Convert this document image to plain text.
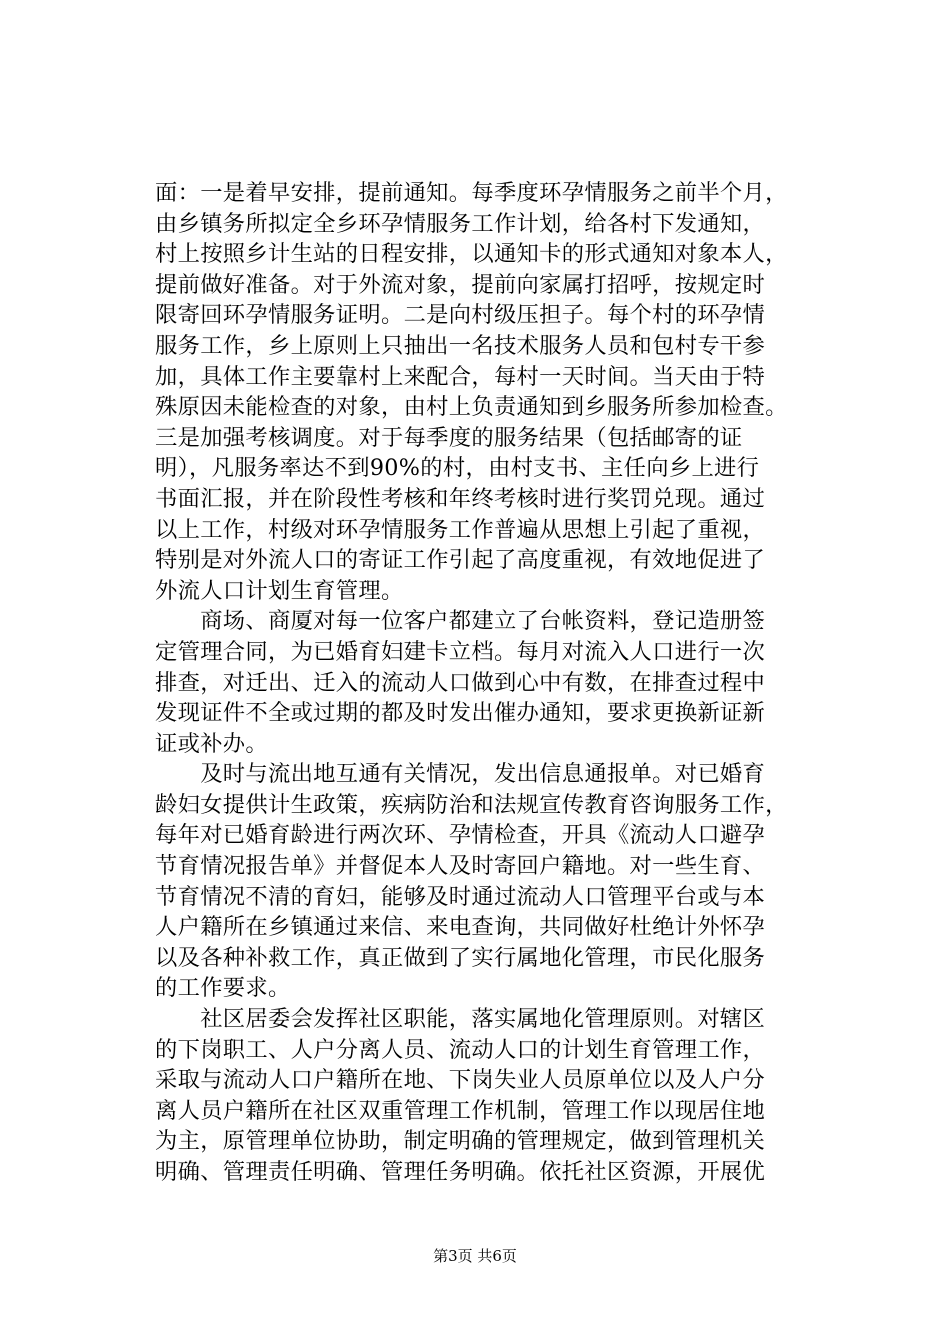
面：一是着早安排，提前通知。每季度环孕情服务之前半个月，
由乡镇务所拟定全乡环孕情服务工作计划，给各村下发通知，
村上按照乡计生站的日程安排，以通知卡的形式通知对象本人，
提前做好准备。对于外流对象，提前向家属打招呼，按规定时
限寄回环孕情服务证明。二是向村级压担子。每个村的环孕情
服务工作，乡上原则上只抽出一名技术服务人员和包村专干参
加，具体工作主要靠村上来配合，每村一天时间。当天由于特
殊原因未能检查的对象，由村上负责通知到乡服务所参加检查。
三是加强考核调度。对于每季度的服务结果（包括邮寄的证
明），凡服务率达不到90%的村，由村支书、主任向乡上进行
书面汇报，并在阶段性考核和年终考核时进行奖罚兑现。通过
以上工作，村级对环孕情服务工作普遍从思想上引起了重视，
特别是对外流人口的寄证工作引起了高度重视，有效地促进了
外流人口计划生育管理。
　　商场、商厦对每一位客户都建立了台帐资料，登记造册签
定管理合同，为已婚育妇建卡立档。每月对流入人口进行一次
排查，对迁出、迁入的流动人口做到心中有数，在排查过程中
发现证件不全或过期的都及时发出催办通知，要求更换新证新
证或补办。
　　及时与流出地互通有关情况，发出信息通报单。对已婚育
龄妇女提供计生政策，疾病防治和法规宣传教育咨询服务工作，
每年对已婚育龄进行两次环、孕情检查，开具《流动人口避孕
节育情况报告单》并督促本人及时寄回户籍地。对一些生育、
节育情况不清的育妇，能够及时通过流动人口管理平台或与本
人户籍所在乡镇通过来信、来电查询，共同做好杜绝计外怀孕
以及各种补救工作，真正做到了实行属地化管理，市民化服务
的工作要求。
　　社区居委会发挥社区职能，落实属地化管理原则。对辖区
的下岗职工、人户分离人员、流动人口的计划生育管理工作，
采取与流动人口户籍所在地、下岗失业人员原单位以及人户分
离人员户籍所在社区双重管理工作机制，管理工作以现居住地
为主，原管理单位协助，制定明确的管理规定，做到管理机关
明确、管理责任明确、管理任务明确。依托社区资源，开展优
第3页 共6页
